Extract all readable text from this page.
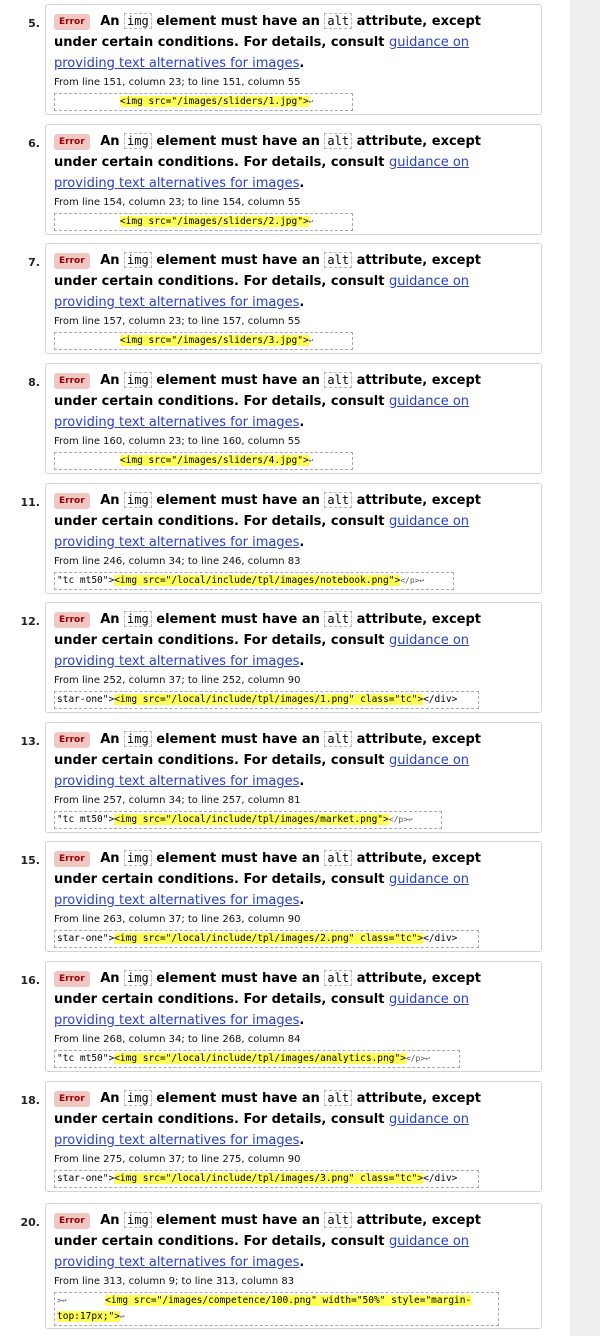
5.	Error An img element must have an alt attribute, except under certain conditions. For details, consult guidance on providing text alternatives for images.
From line 151, column 23; to line 151, column 55
<img src="/images/sliders/1.jpg">↩
6.	Error An img element must have an alt attribute, except under certain conditions. For details, consult guidance on providing text alternatives for images.
From line 154, column 23; to line 154, column 55
<img src="/images/sliders/2.jpg">↩
7.	Error An img element must have an alt attribute, except under certain conditions. For details, consult guidance on providing text alternatives for images.
From line 157, column 23; to line 157, column 55
<img src="/images/sliders/3.jpg">↩
8.	Error An img element must have an alt attribute, except under certain conditions. For details, consult guidance on providing text alternatives for images.
From line 160, column 23; to line 160, column 55
<img src="/images/sliders/4.jpg">↩
11.	Error An img element must have an alt attribute, except under certain conditions. For details, consult guidance on providing text alternatives for images.
From line 246, column 34; to line 246, column 83
"tc mt50"><img src="/local/include/tpl/images/notebook.png"></p>↩
12.	Error An img element must have an alt attribute, except under certain conditions. For details, consult guidance on providing text alternatives for images.
From line 252, column 37; to line 252, column 90
star-one"><img src="/local/include/tpl/images/1.png" class="tc"></div>
13.	Error An img element must have an alt attribute, except under certain conditions. For details, consult guidance on providing text alternatives for images.
From line 257, column 34; to line 257, column 81
"tc mt50"><img src="/local/include/tpl/images/market.png"></p>↩
15.	Error An img element must have an alt attribute, except under certain conditions. For details, consult guidance on providing text alternatives for images.
From line 263, column 37; to line 263, column 90
star-one"><img src="/local/include/tpl/images/2.png" class="tc"></div>
16.	Error An img element must have an alt attribute, except under certain conditions. For details, consult guidance on providing text alternatives for images.
From line 268, column 34; to line 268, column 84
"tc mt50"><img src="/local/include/tpl/images/analytics.png"></p>↩
18.	Error An img element must have an alt attribute, except under certain conditions. For details, consult guidance on providing text alternatives for images.
From line 275, column 37; to line 275, column 90
star-one"><img src="/local/include/tpl/images/3.png" class="tc"></div>
20.	Error An img element must have an alt attribute, except under certain conditions. For details, consult guidance on providing text alternatives for images.
From line 313, column 9; to line 313, column 83
>↩        <img src="/images/competence/100.png" width="50%" style="margin-
top:17px;">↩
